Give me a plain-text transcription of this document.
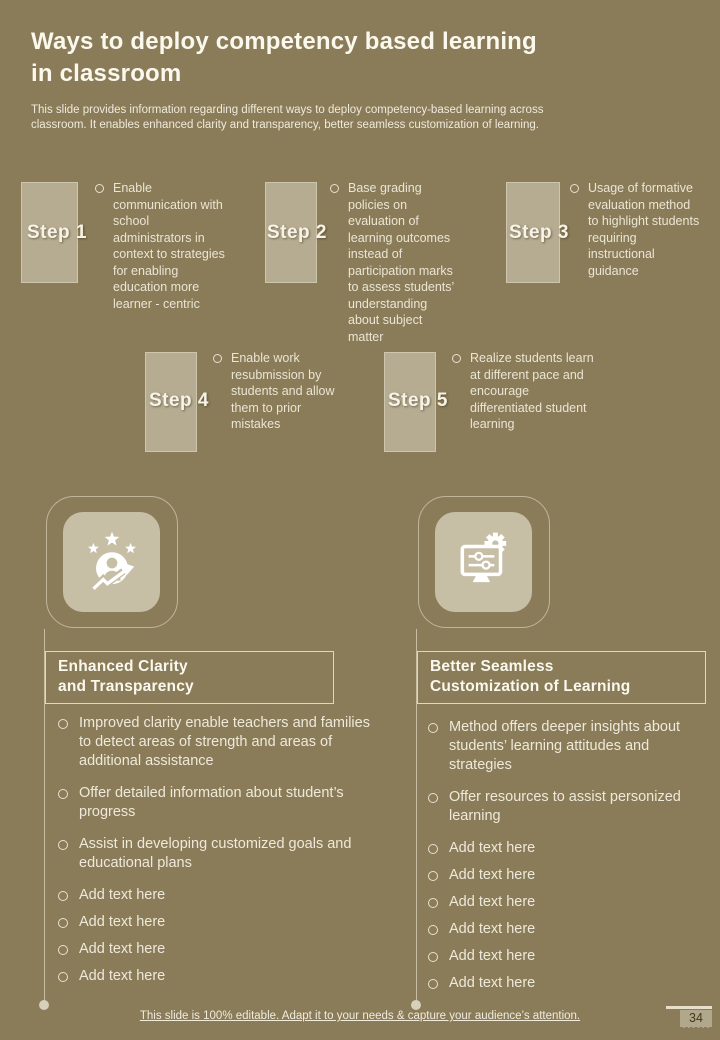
Ways to deploy competency based learning
in classroom
This slide provides information regarding different ways to deploy competency-based learning across classroom. It enables enhanced clarity and transparency, better seamless customization of learning.
Step 1
Enable communication with school administrators in context to strategies for enabling education more learner - centric
Step 2
Base grading policies on evaluation of learning outcomes instead of participation marks to assess students’ understanding about subject matter
Step 3
Usage of formative evaluation method to highlight students requiring instructional guidance
Step 4
Enable work resubmission by students and allow them to prior mistakes
Step 5
Realize students learn at different pace and encourage differentiated student learning
Enhanced Clarity
and Transparency
Better Seamless
Customization of Learning
Improved clarity enable teachers and families to detect areas of strength and areas of additional assistance
Offer detailed information about student’s progress
Assist in developing customized goals and educational plans
Add text here
Add text here
Add text here
Add text here
Method offers deeper insights about students’ learning attitudes and strategies
Offer resources to assist personized learning
Add text here
Add text here
Add text here
Add text here
Add text here
Add text here
This slide is 100% editable. Adapt it to your needs & capture your audience’s attention.	34
